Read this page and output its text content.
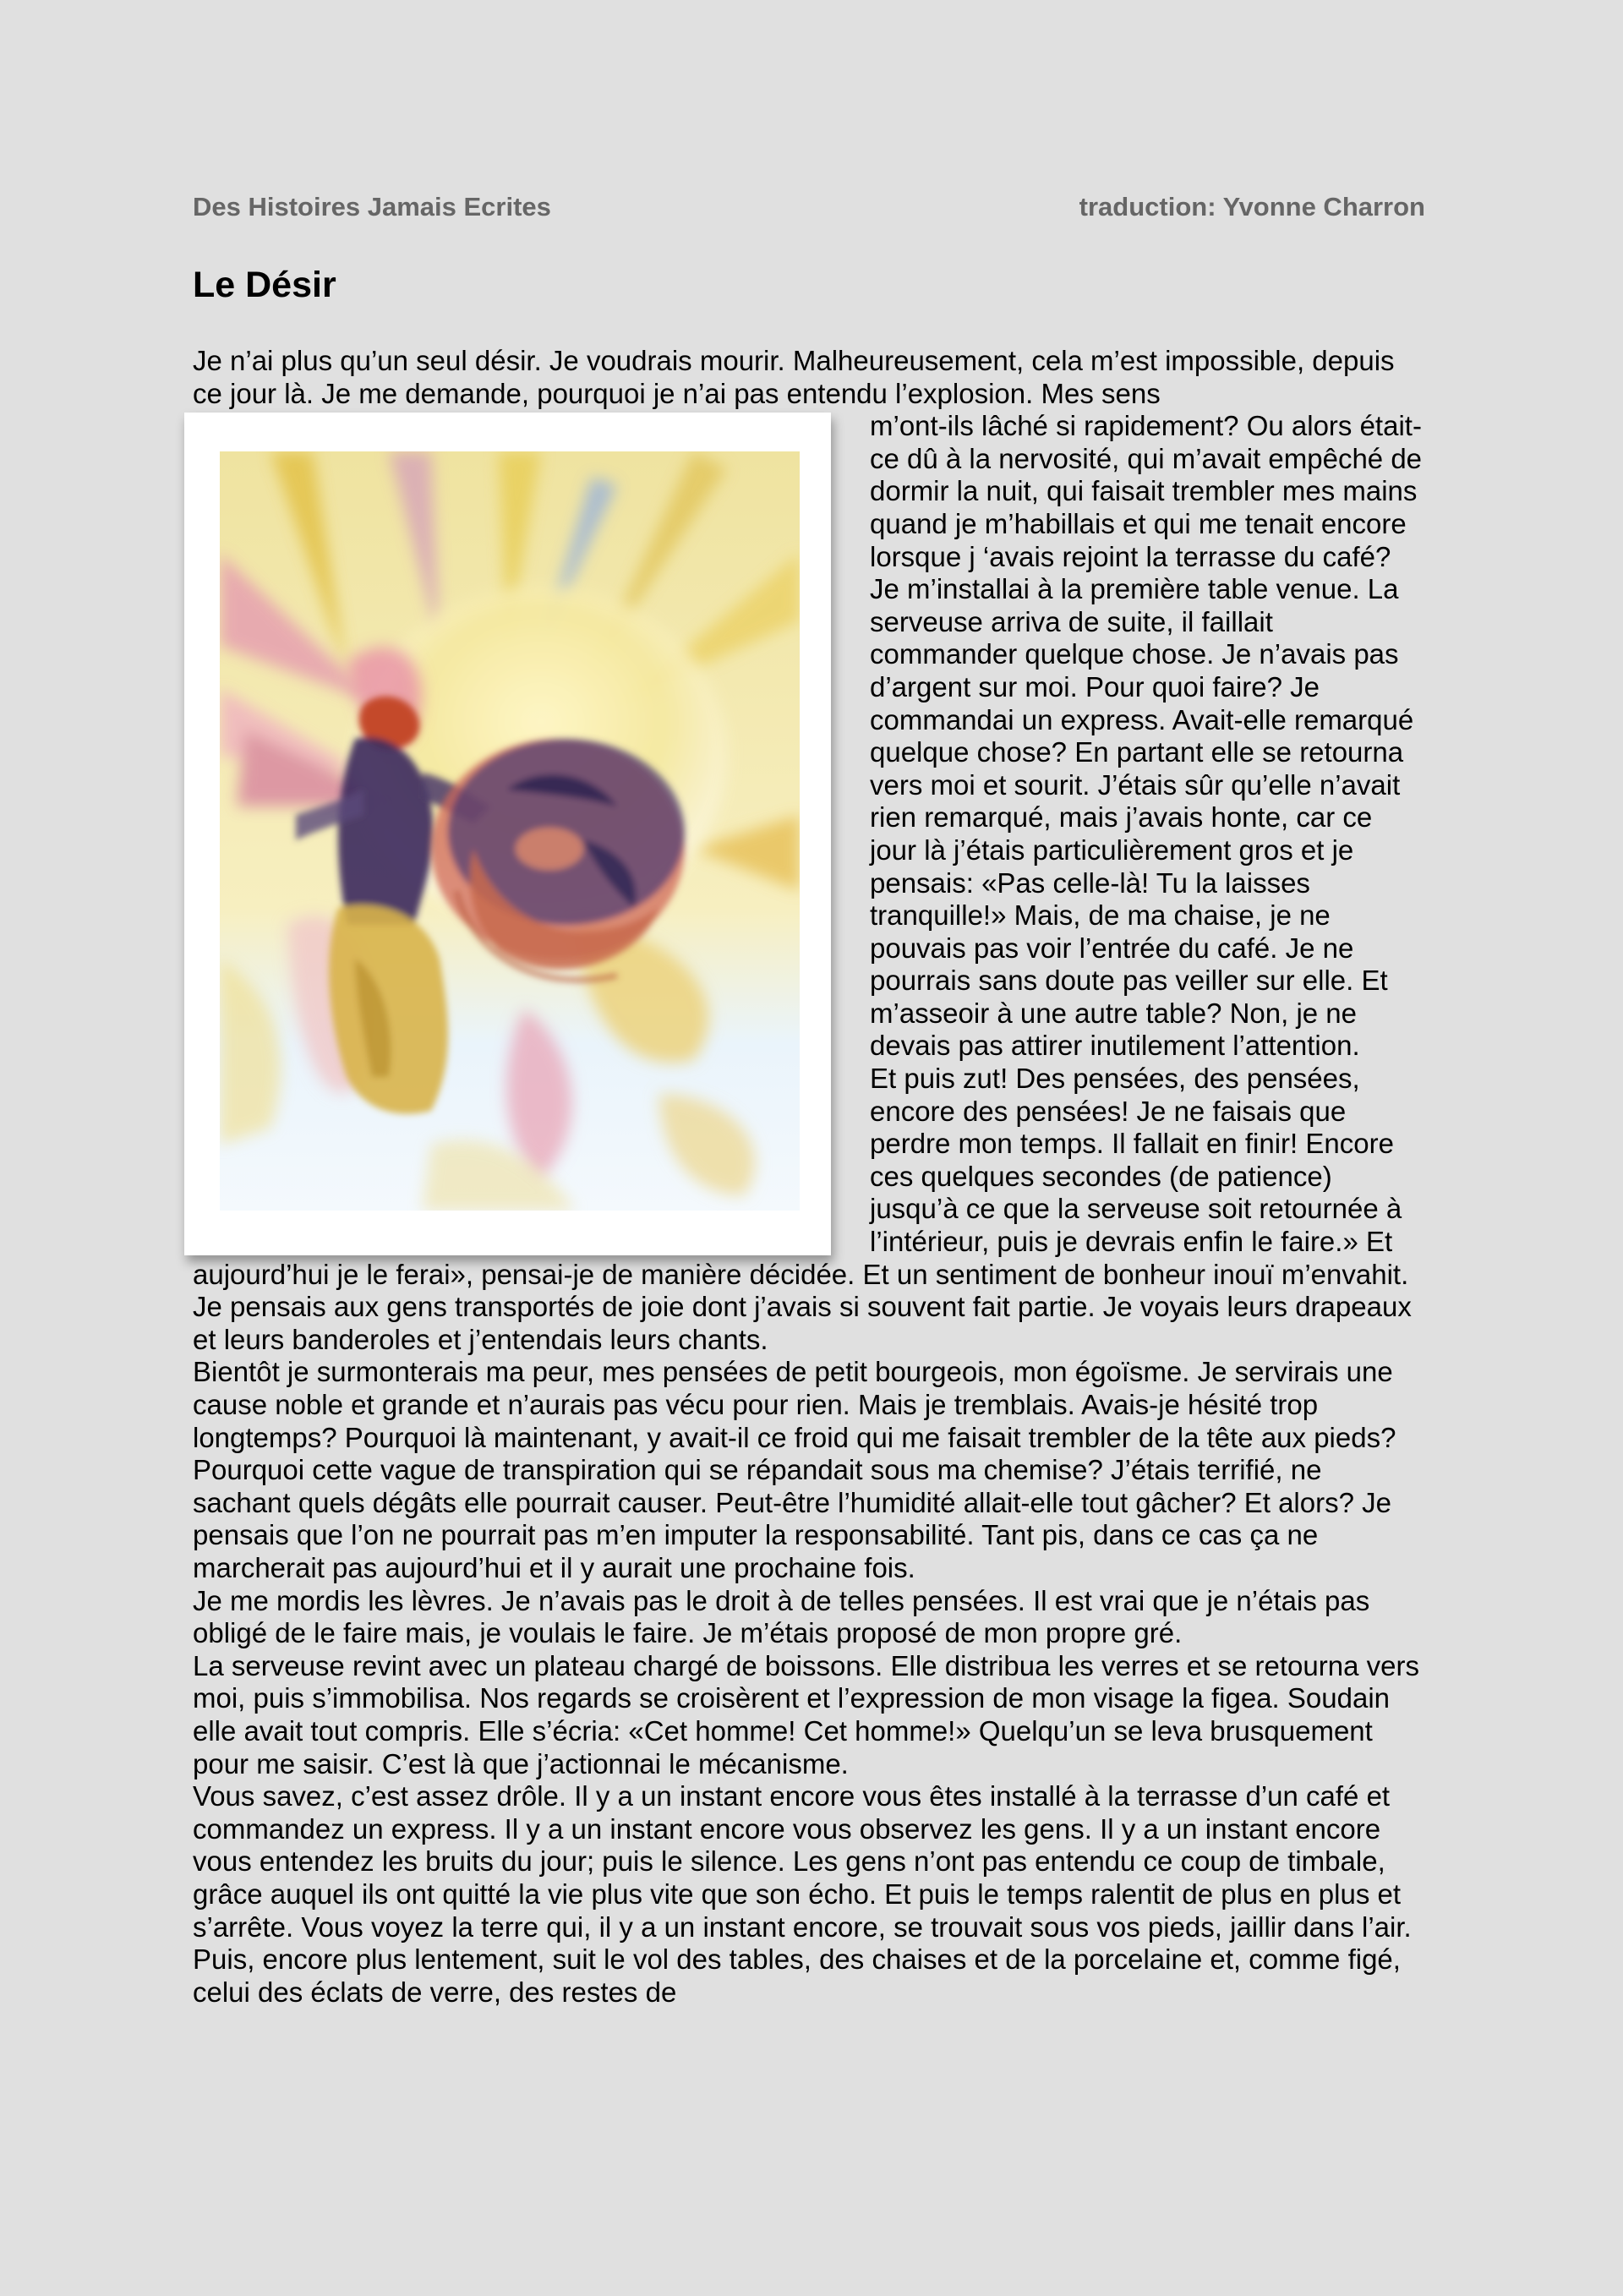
Des Histoires Jamais Ecrites	traduction: Yvonne Charron
Le Désir

Je n’ai plus qu’un seul désir. Je voudrais mourir. Malheureusement, cela m’est impossible, depuis ce jour là. Je me demande, pourquoi je n’ai pas entendu l’explosion. Mes sens

m’ont-ils lâché si rapidement? Ou alors était-ce dû à la nervosité, qui m’avait empêché de dormir la nuit, qui faisait trembler mes mains quand je m’habillais et qui me tenait encore lorsque j ‘avais rejoint la terrasse du café?

Je m’installai à la première table venue. La serveuse arriva de suite, il faillait commander quelque chose. Je n’avais pas d’argent sur moi. Pour quoi faire? Je commandai un express. Avait-elle remarqué quelque chose? En partant elle se retourna vers moi et sourit. J’étais sûr qu’elle n’avait rien remarqué, mais j’avais honte, car ce jour là j’étais particulièrement gros et je pensais: «Pas celle-là! Tu la laisses tranquille!» Mais, de ma chaise, je ne pouvais pas voir l’entrée du café. Je ne pourrais sans doute pas veiller sur elle. Et m’asseoir à une autre table? Non, je ne devais pas attirer inutilement l’attention.

Et puis zut! Des pensées, des pensées, encore des pensées! Je ne faisais que perdre mon temps. Il fallait en finir! Encore ces quelques secondes (de patience) jusqu’à ce que la serveuse soit retournée à l’intérieur, puis je devrais enfin le faire.» Et aujourd’hui je le ferai», pensai-je de manière décidée. Et un sentiment de bonheur inouï m’envahit. Je pensais aux gens transportés de joie dont j’avais si souvent fait partie. Je voyais leurs drapeaux et leurs banderoles et j’entendais leurs chants.

Bientôt je surmonterais ma peur, mes pensées de petit bourgeois, mon égoïsme. Je servirais une cause noble et grande et n’aurais pas vécu pour rien. Mais je tremblais. Avais-je hésité trop longtemps? Pourquoi là maintenant, y avait-il ce froid qui me faisait trembler de la tête aux pieds? Pourquoi cette vague de transpiration qui se répandait sous ma chemise? J’étais terrifié, ne sachant quels dégâts elle pourrait causer. Peut-être l’humidité allait-elle tout gâcher? Et alors? Je pensais que l’on ne pourrait pas m’en imputer la responsabilité. Tant pis, dans ce cas ça ne marcherait pas aujourd’hui et il y aurait une prochaine fois.

Je me mordis les lèvres. Je n’avais pas le droit à de telles pensées. Il est vrai que je n’étais pas obligé de le faire mais, je voulais le faire. Je m’étais proposé de mon propre gré.

La serveuse revint avec un plateau chargé de boissons. Elle distribua les verres et se retourna vers moi, puis s’immobilisa. Nos regards se croisèrent et l’expression de mon visage la figea. Soudain elle avait tout compris. Elle s’écria: «Cet homme! Cet homme!» Quelqu’un se leva brusquement pour me saisir. C’est là que j’actionnai le mécanisme.

Vous savez, c’est assez drôle. Il y a un instant encore vous êtes installé à la terrasse d’un café et commandez un express. Il y a un instant encore vous observez les gens. Il y a un instant encore vous entendez les bruits du jour; puis le silence. Les gens n’ont pas entendu ce coup de timbale, grâce auquel ils ont quitté la vie plus vite que son écho. Et puis le temps ralentit de plus en plus et s’arrête. Vous voyez la terre qui, il y a un instant encore, se trouvait sous vos pieds, jaillir dans l’air. Puis, encore plus lentement, suit le vol des tables, des chaises et de la porcelaine et, comme figé, celui des éclats de verre, des restes de
